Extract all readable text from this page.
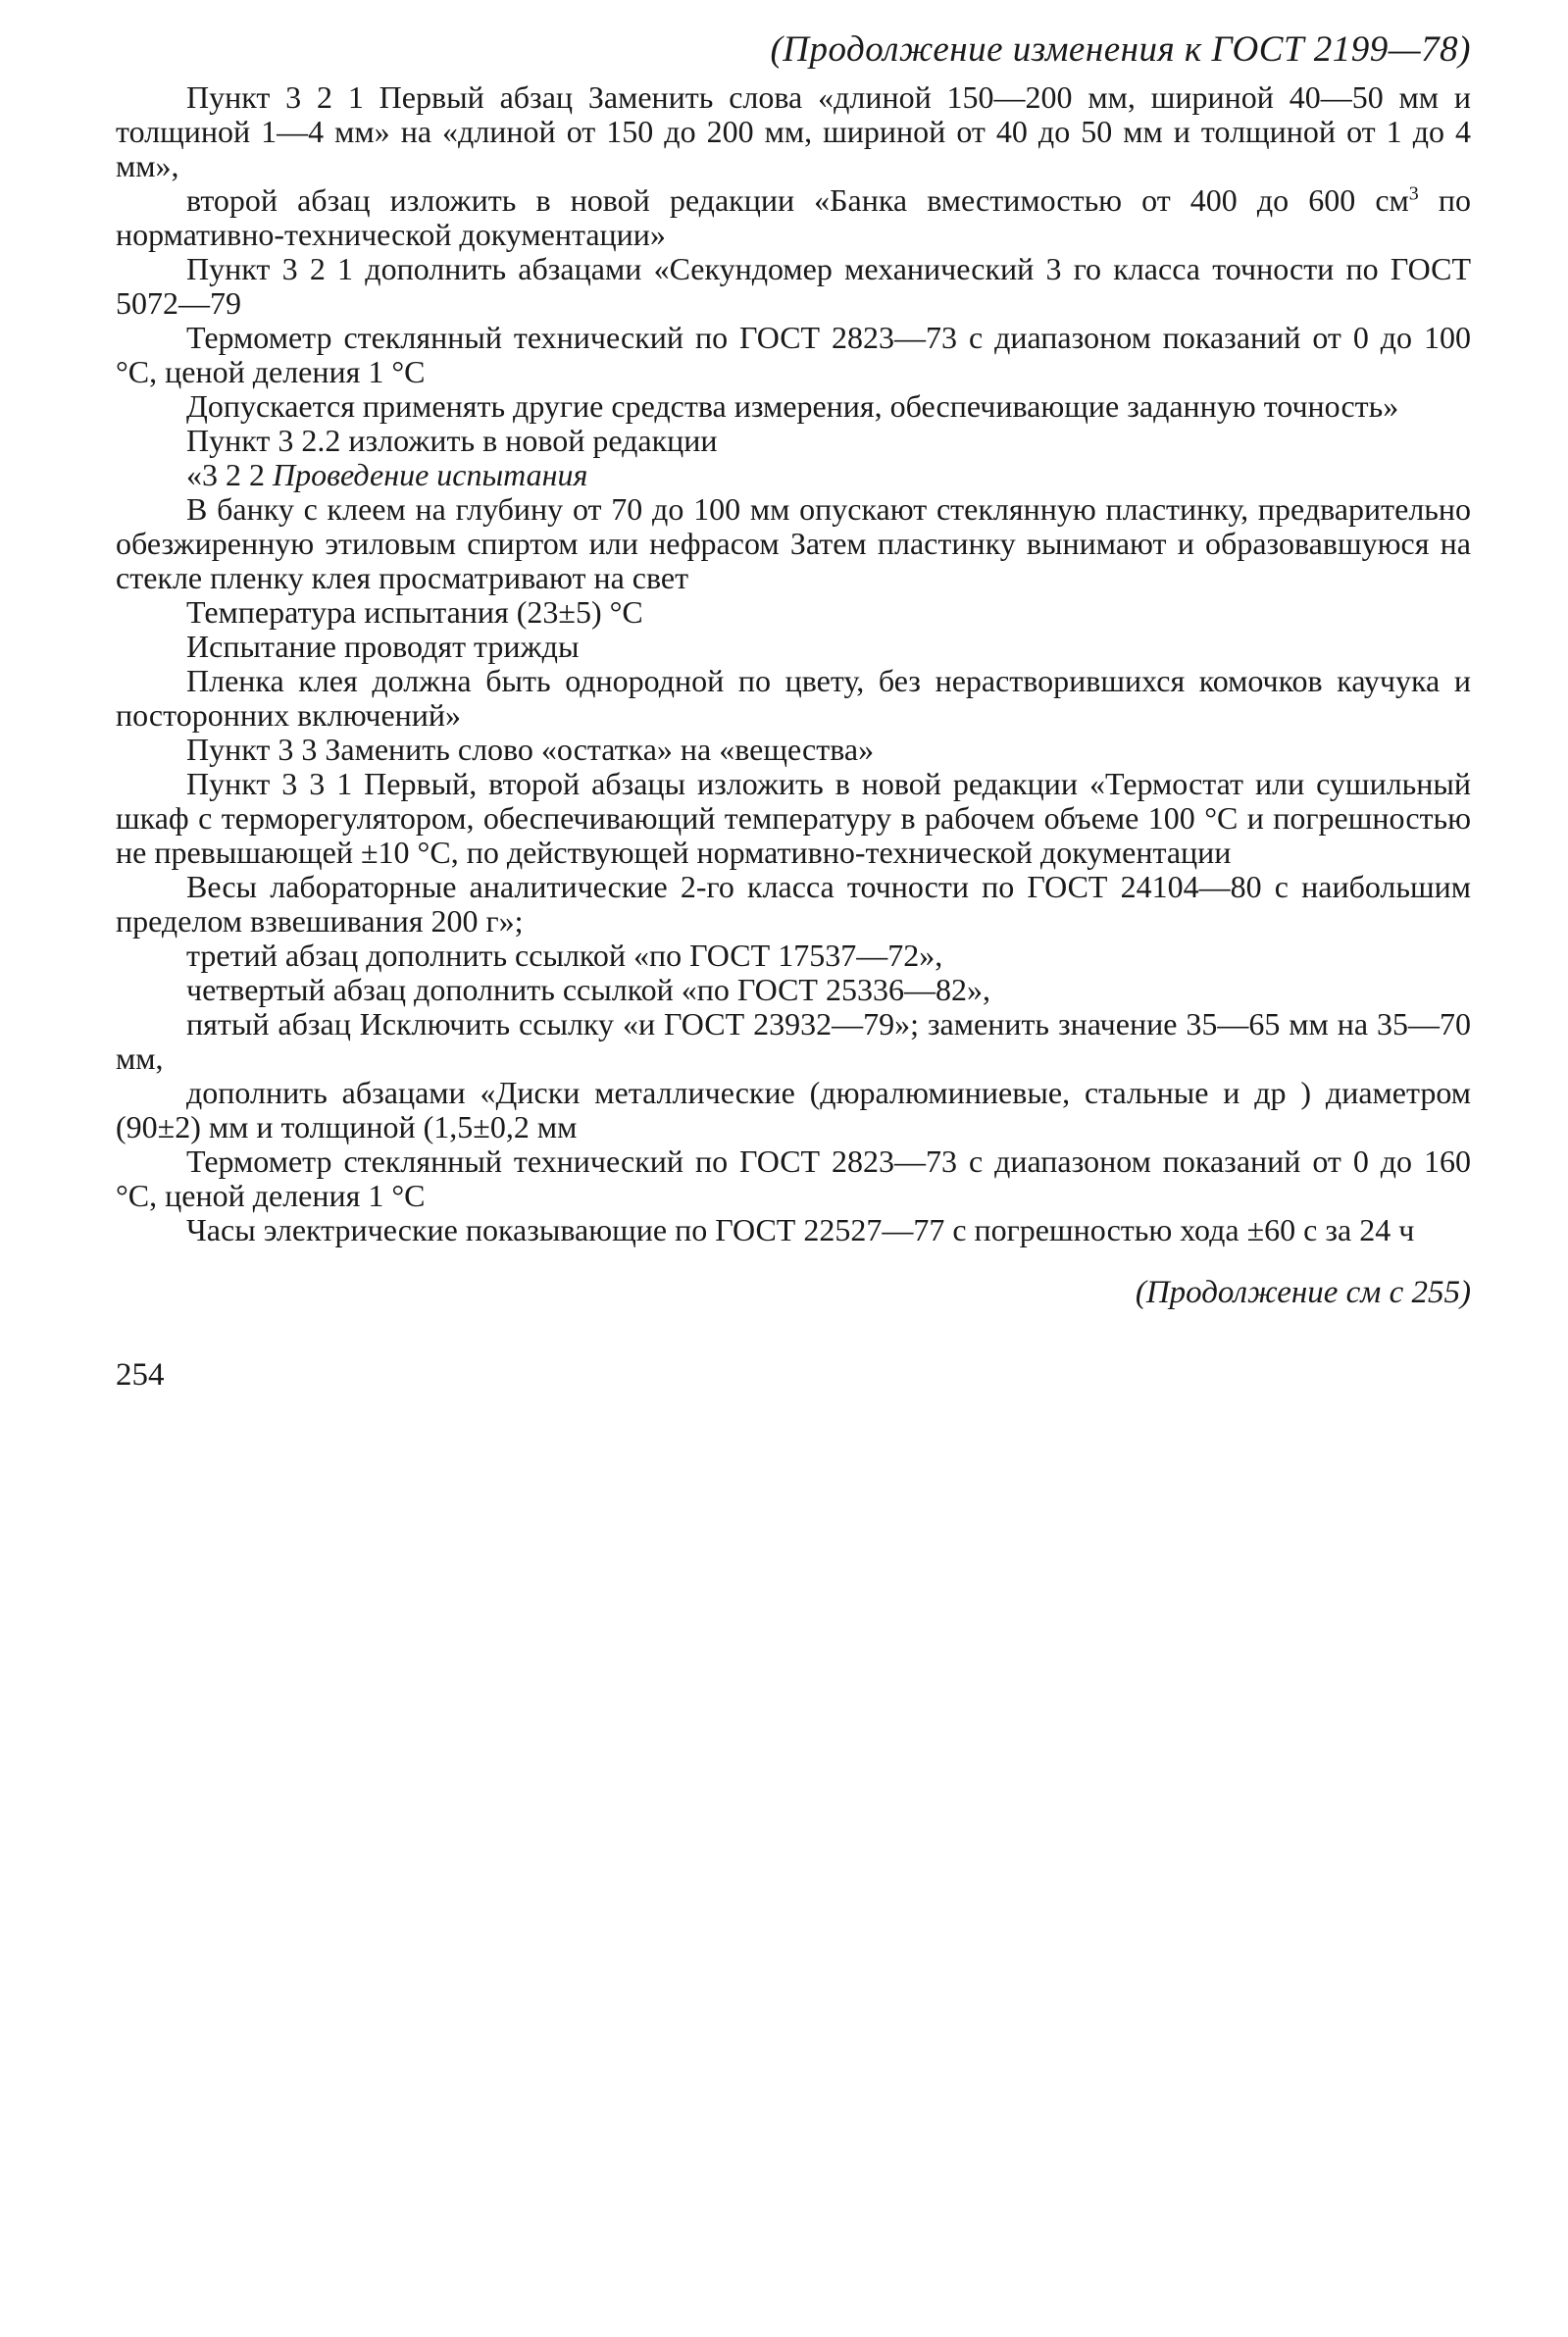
(Продолжение изменения к ГОСТ 2199—78)

Пункт 3 2 1 Первый абзац Заменить слова «длиной 150—200 мм, шириной 40—50 мм и толщиной 1—4 мм» на «длиной от 150 до 200 мм, шириной от 40 до 50 мм и толщиной от 1 до 4 мм»,

второй абзац изложить в новой редакции «Банка вместимостью от 400 до 600 $см^3$ по нормативно-технической документации»

Пункт 3 2 1 дополнить абзацами «Секундомер механический 3 го класса точности по ГОСТ 5072—79

Термометр стеклянный технический по ГОСТ 2823—73 с диапазоном показаний от 0 до 100 °С, ценой деления 1 °С

Допускается применять другие средства измерения, обеспечивающие заданную точность»

Пункт 3 2.2 изложить в новой редакции

«3 2 2 Проведение испытания

В банку с клеем на глубину от 70 до 100 мм опускают стеклянную пластинку, предварительно обезжиренную этиловым спиртом или нефрасом Затем пластинку вынимают и образовавшуюся на стекле пленку клея просматривают на свет

Температура испытания (23±5) °С

Испытание проводят трижды

Пленка клея должна быть однородной по цвету, без нерастворившихся комочков каучука и посторонних включений»

Пункт 3 3 Заменить слово «остатка» на «вещества»

Пункт 3 3 1 Первый, второй абзацы изложить в новой редакции «Термостат или сушильный шкаф с терморегулятором, обеспечивающий температуру в рабочем объеме 100 °С и погрешностью не превышающей ±10 °С, по действующей нормативно-технической документации

Весы лабораторные аналитические 2-го класса точности по ГОСТ 24104—80 с наибольшим пределом взвешивания 200 г»;

третий абзац дополнить ссылкой «по ГОСТ 17537—72»,

четвертый абзац дополнить ссылкой «по ГОСТ 25336—82»,

пятый абзац Исключить ссылку «и ГОСТ 23932—79»; заменить значение 35—65 мм на 35—70 мм,

дополнить абзацами «Диски металлические (дюралюминиевые, стальные и др ) диаметром (90±2) мм и толщиной (1,5±0,2 мм

Термометр стеклянный технический по ГОСТ 2823—73 с диапазоном показаний от 0 до 160 °С, ценой деления 1 °С

Часы электрические показывающие по ГОСТ 22527—77 с погрешностью хода ±60 с за 24 ч

(Продолжение см с 255)
254
